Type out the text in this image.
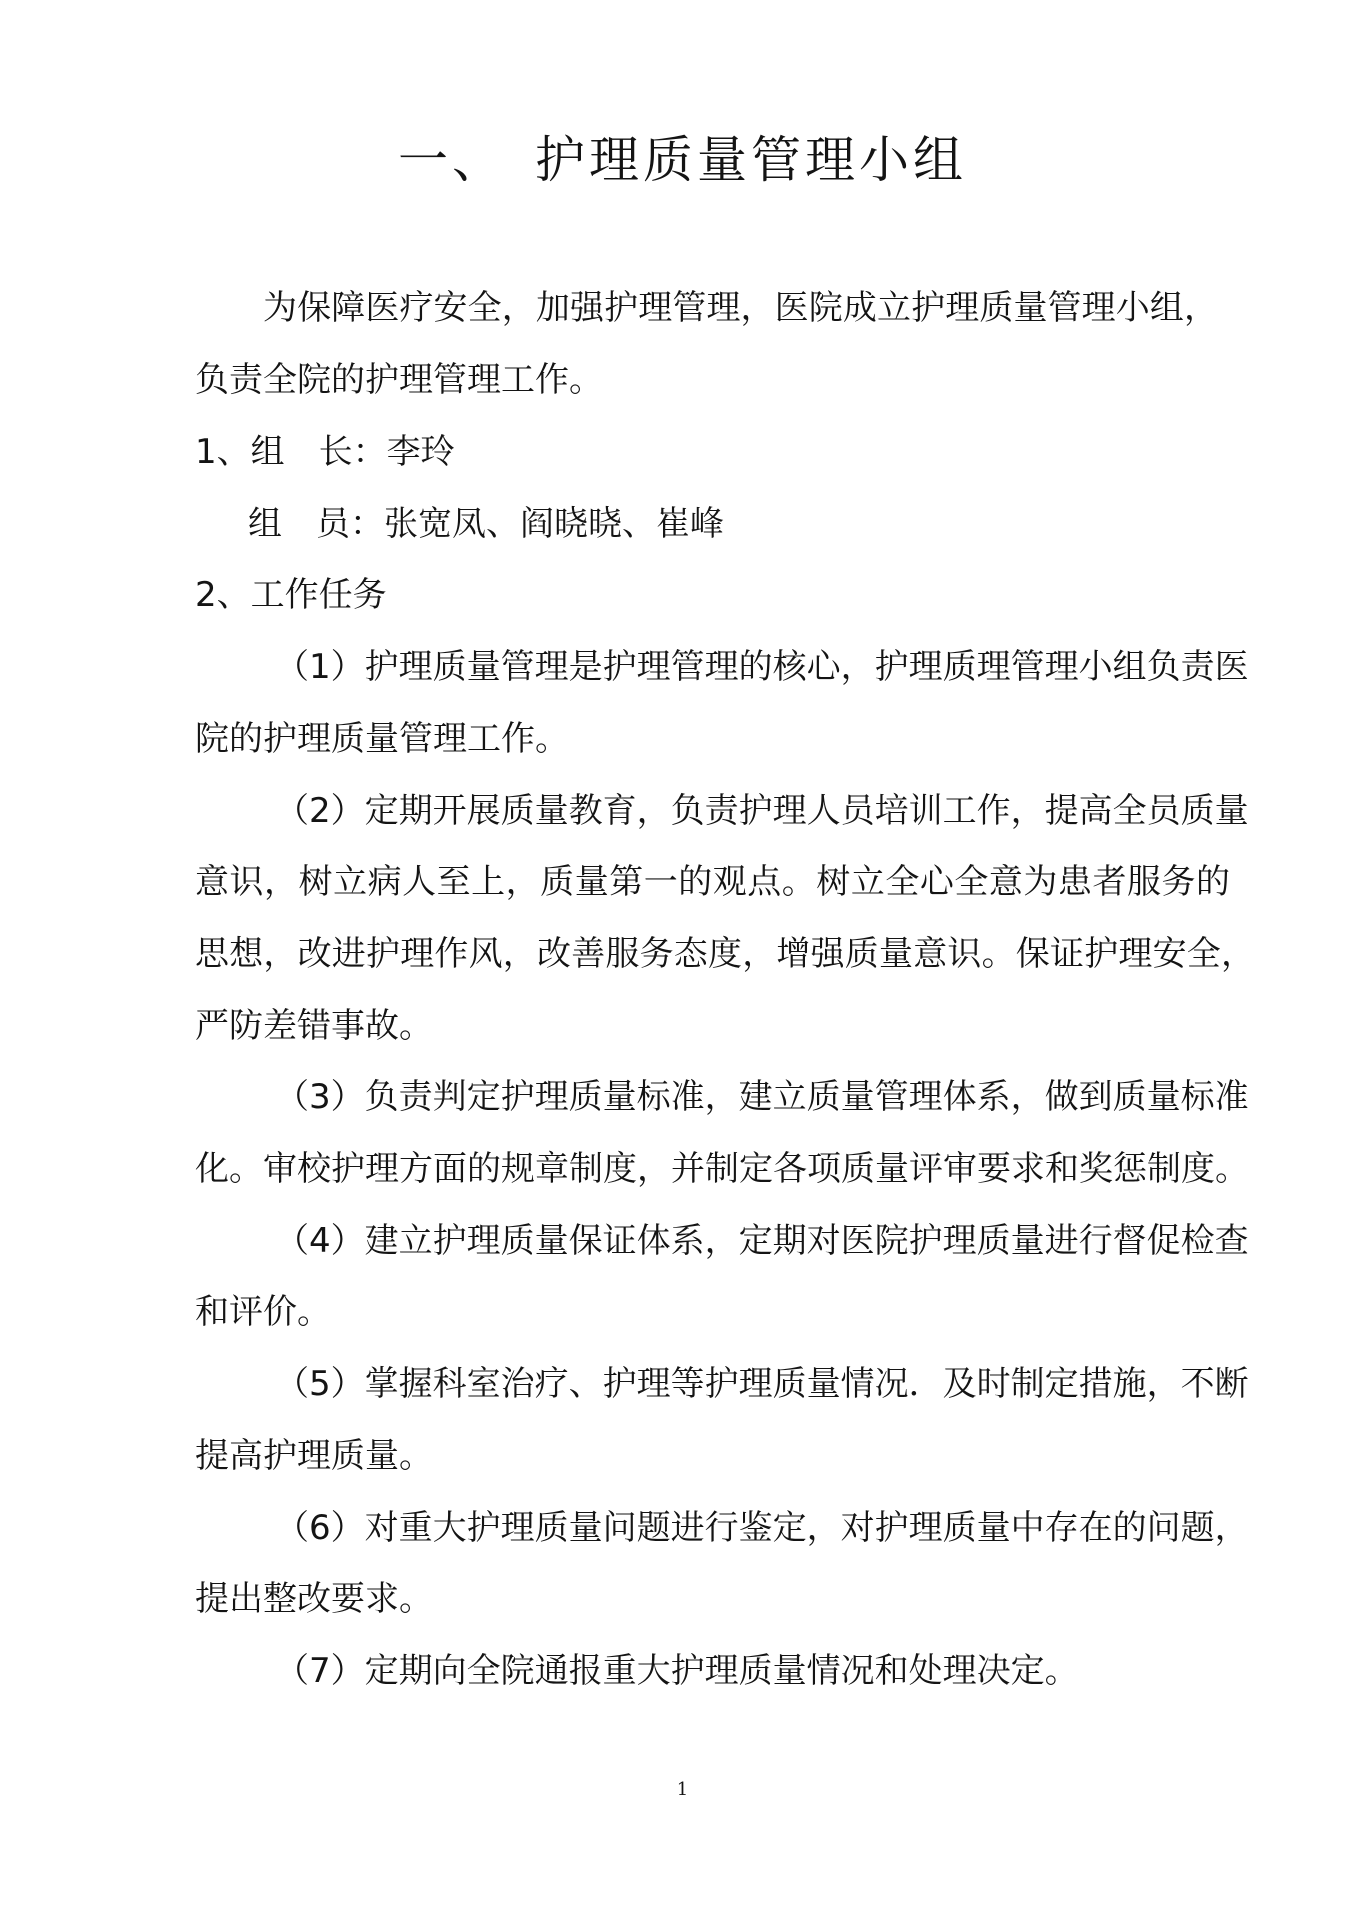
一、　护理质量管理小组
为保障医疗安全，加强护理管理，医院成立护理质量管理小组，
负责全院的护理管理工作。
1、组　长：李玲
组　员：张宽凤、阎晓晓、崔峰
2、工作任务
（1）护理质量管理是护理管理的核心，护理质理管理小组负责医
院的护理质量管理工作。
（2）定期开展质量教育，负责护理人员培训工作，提高全员质量
意识，树立病人至上，质量第一的观点。树立全心全意为患者服务的
思想，改进护理作风，改善服务态度，增强质量意识。保证护理安全，
严防差错事故。
（3）负责判定护理质量标准，建立质量管理体系，做到质量标准
化。审校护理方面的规章制度，并制定各项质量评审要求和奖惩制度。
（4）建立护理质量保证体系，定期对医院护理质量进行督促检查
和评价。
（5）掌握科室治疗、护理等护理质量情况．及时制定措施，不断
提高护理质量。
（6）对重大护理质量问题进行鉴定，对护理质量中存在的问题，
提出整改要求。
（7）定期向全院通报重大护理质量情况和处理决定。
1
